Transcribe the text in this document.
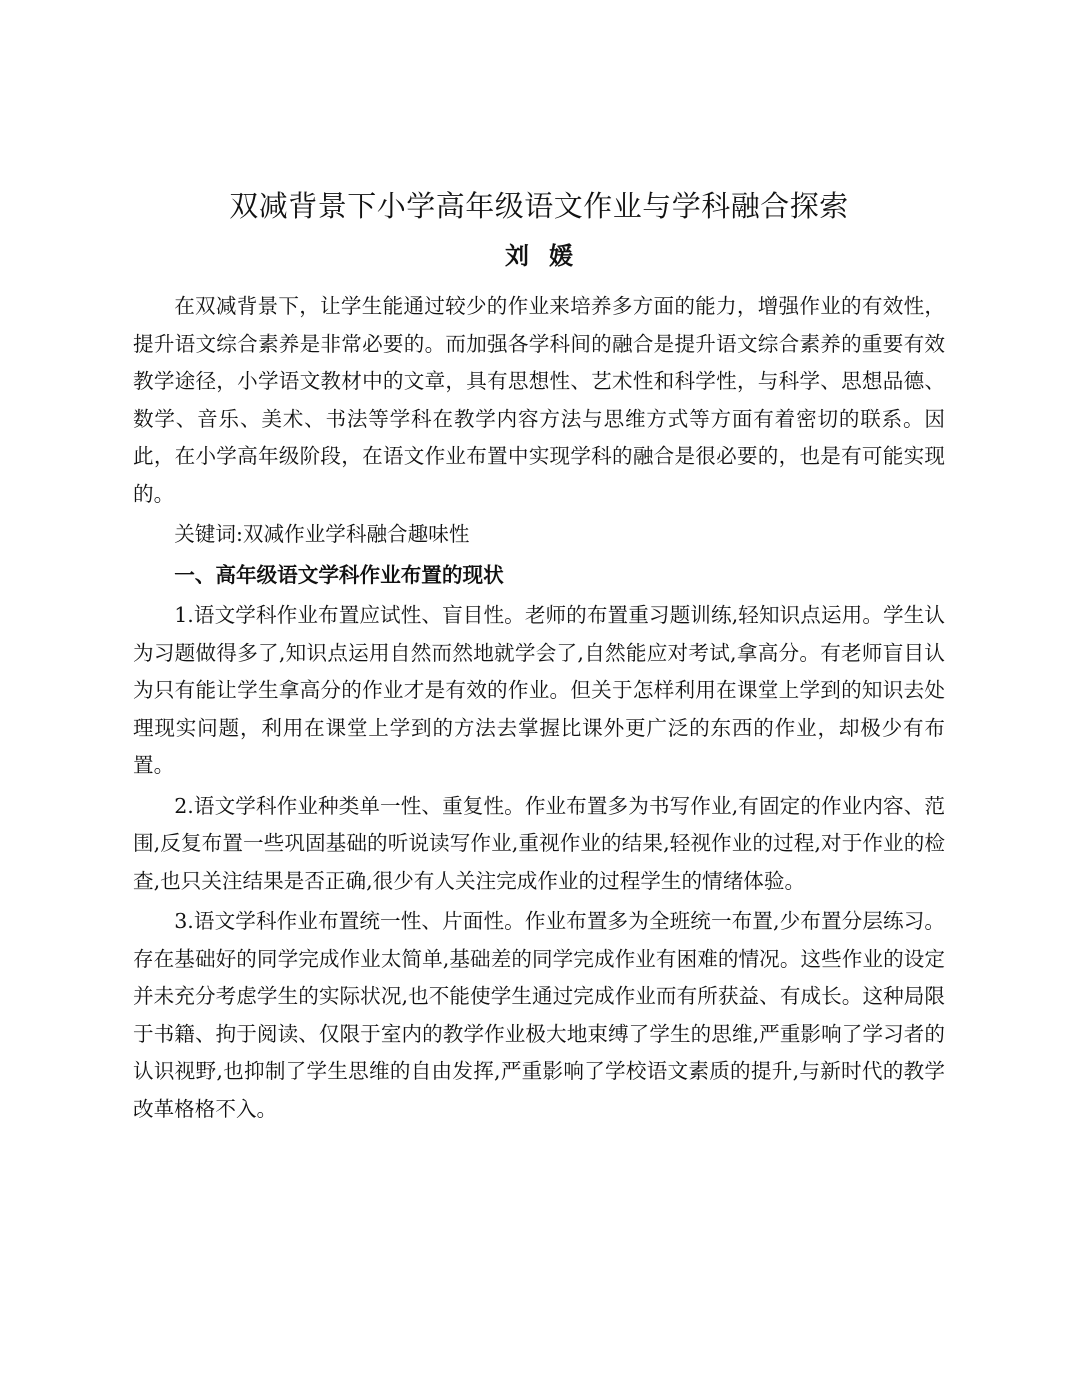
双减背景下小学高年级语文作业与学科融合探索
刘媛

在双减背景下，让学生能通过较少的作业来培养多方面的能力，增强作业的有效性，提升语文综合素养是非常必要的。而加强各学科间的融合是提升语文综合素养的重要有效教学途径，小学语文教材中的文章，具有思想性、艺术性和科学性，与科学、思想品德、数学、音乐、美术、书法等学科在教学内容方法与思维方式等方面有着密切的联系。因此，在小学高年级阶段，在语文作业布置中实现学科的融合是很必要的，也是有可能实现的。

关键词:双减作业学科融合趣味性

一、高年级语文学科作业布置的现状

1.语文学科作业布置应试性、盲目性。老师的布置重习题训练,轻知识点运用。学生认为习题做得多了,知识点运用自然而然地就学会了,自然能应对考试,拿高分。有老师盲目认为只有能让学生拿高分的作业才是有效的作业。但关于怎样利用在课堂上学到的知识去处理现实问题，利用在课堂上学到的方法去掌握比课外更广泛的东西的作业，却极少有布置。

2.语文学科作业种类单一性、重复性。作业布置多为书写作业,有固定的作业内容、范围,反复布置一些巩固基础的听说读写作业,重视作业的结果,轻视作业的过程,对于作业的检查,也只关注结果是否正确,很少有人关注完成作业的过程学生的情绪体验。

3.语文学科作业布置统一性、片面性。作业布置多为全班统一布置,少布置分层练习。存在基础好的同学完成作业太简单,基础差的同学完成作业有困难的情况。这些作业的设定并未充分考虑学生的实际状况,也不能使学生通过完成作业而有所获益、有成长。这种局限于书籍、拘于阅读、仅限于室内的教学作业极大地束缚了学生的思维,严重影响了学习者的认识视野,也抑制了学生思维的自由发挥,严重影响了学校语文素质的提升,与新时代的教学改革格格不入。
